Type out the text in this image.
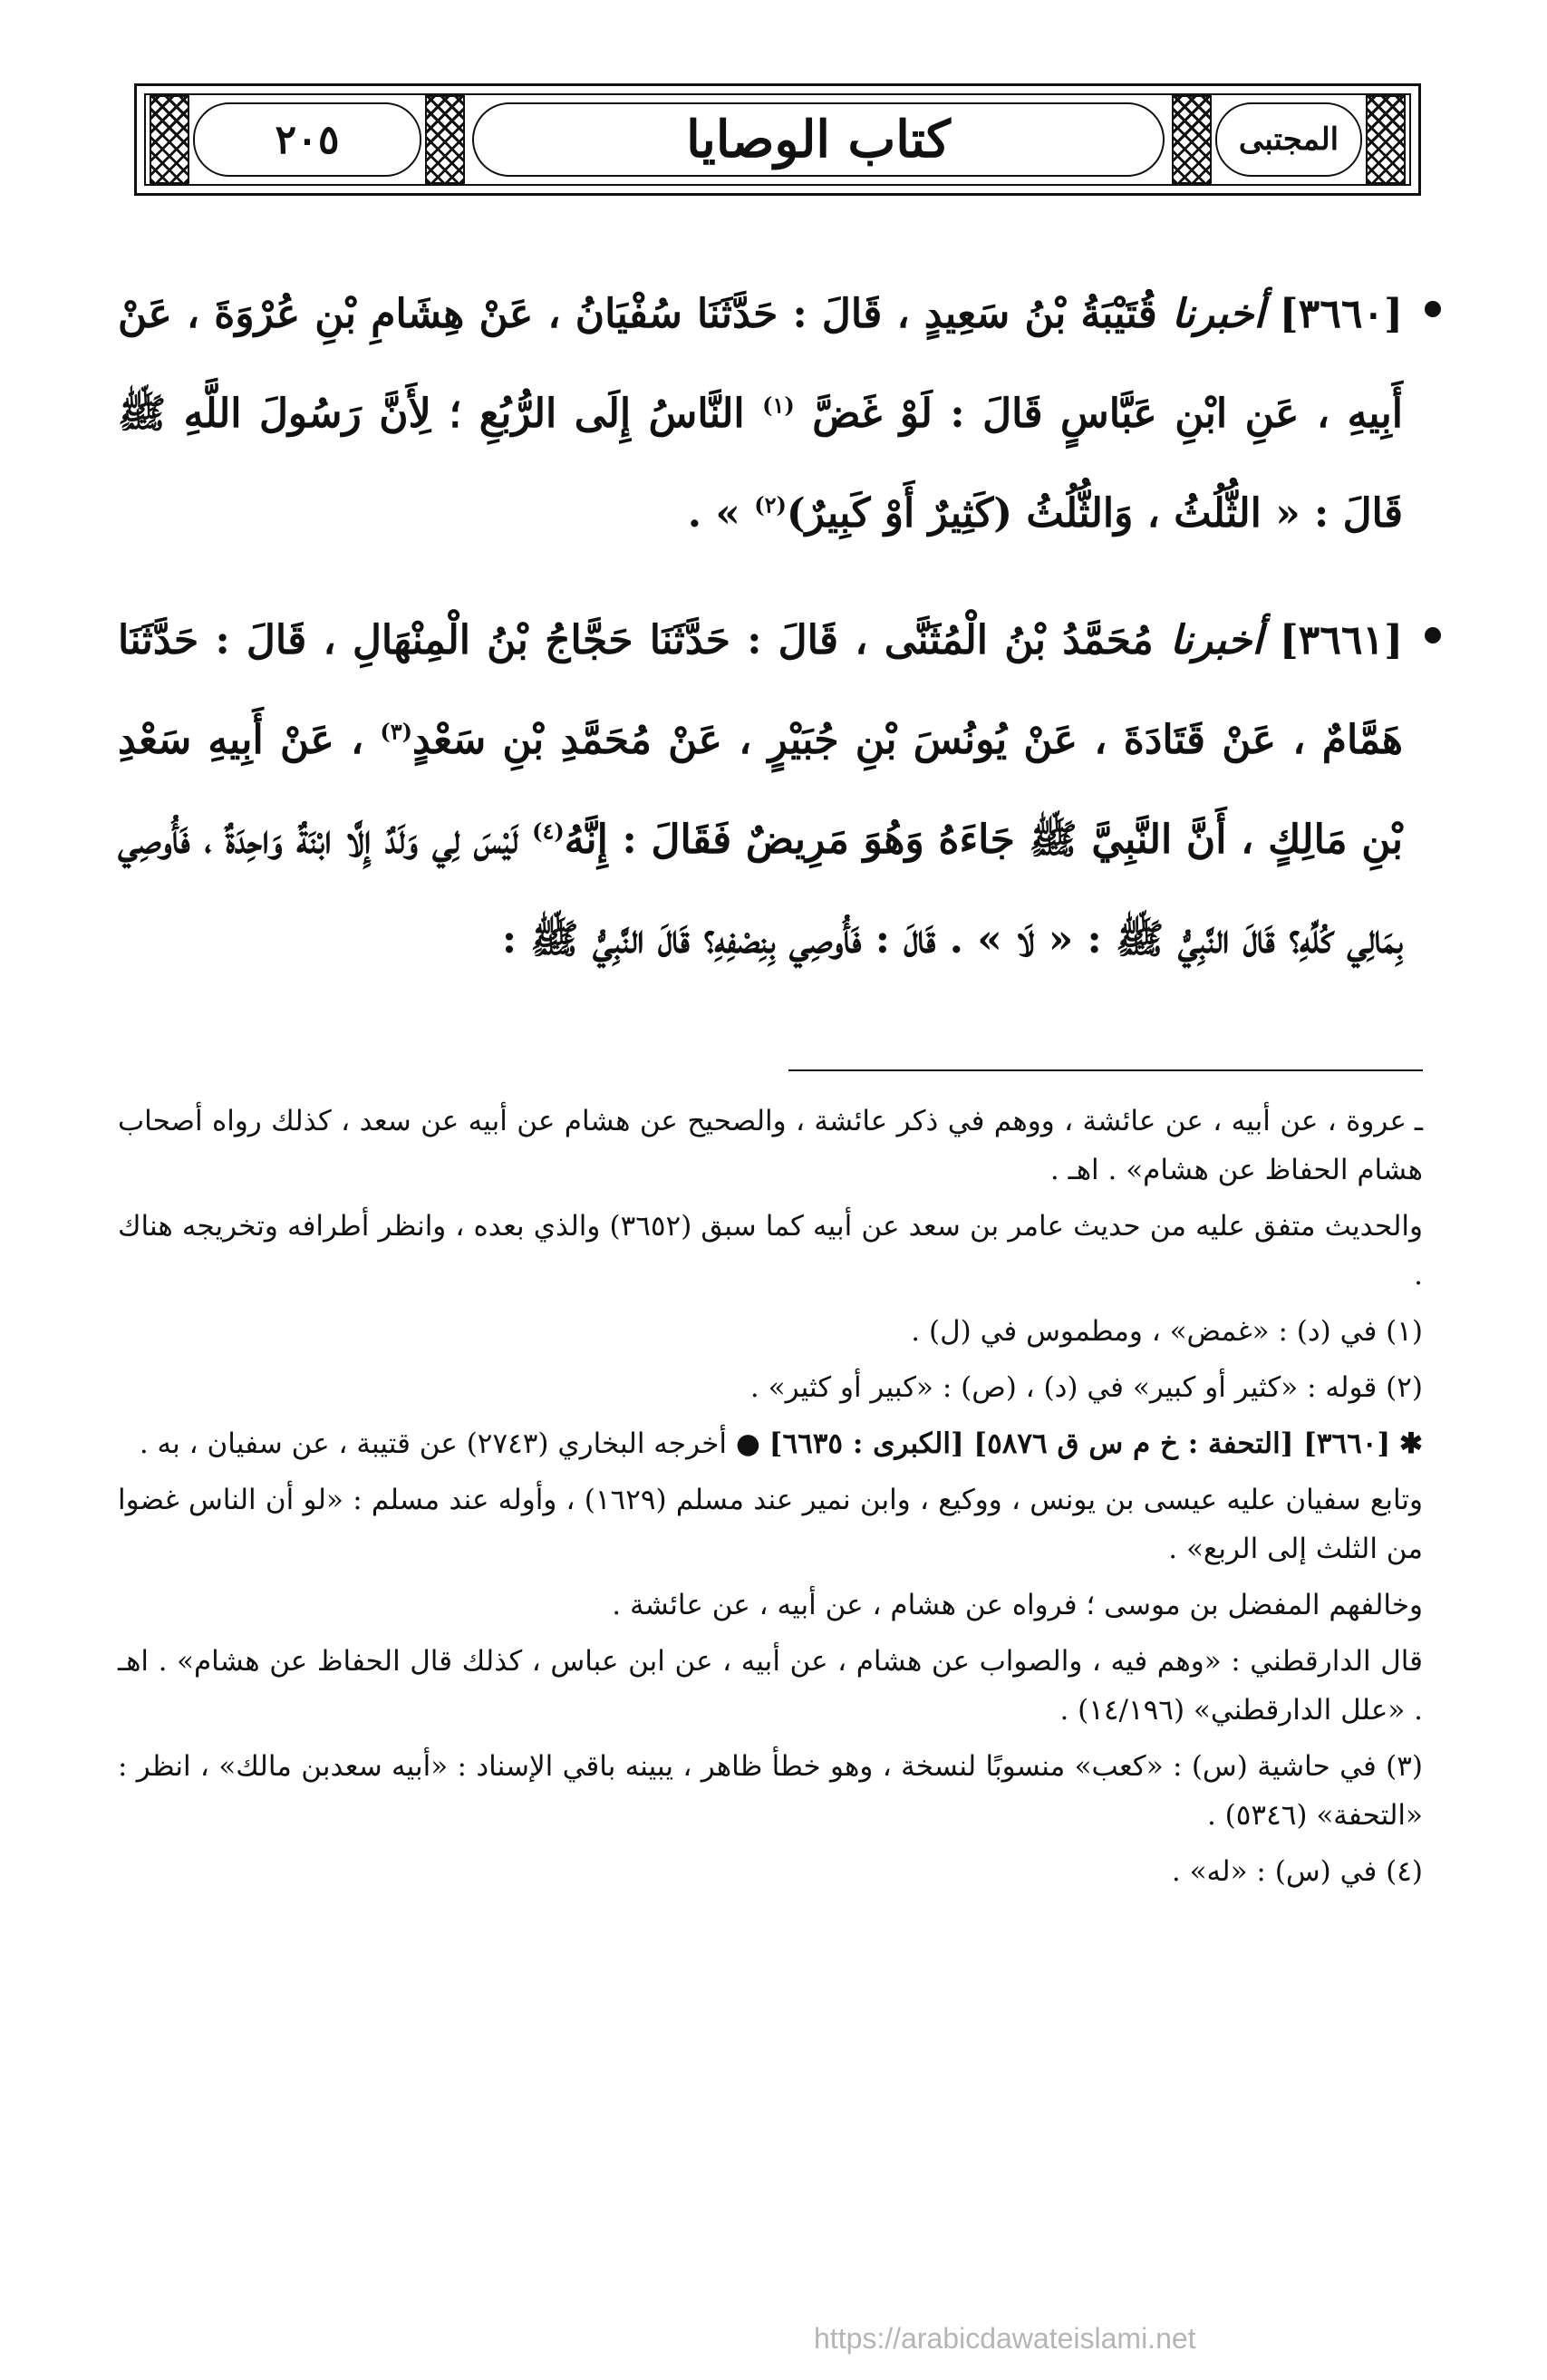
٢٠٥	كتاب الوصايا	المجتبى

[٣٦٦٠] أخبرنا قُتَيْبَةُ بْنُ سَعِيدٍ ، قَالَ : حَدَّثَنَا سُفْيَانُ ، عَنْ هِشَامِ بْنِ عُرْوَةَ ، عَنْ أَبِيهِ ، عَنِ ابْنِ عَبَّاسٍ قَالَ : لَوْ غَضَّ $^{(١)}$ النَّاسُ إِلَى الرُّبُعِ ؛ لِأَنَّ رَسُولَ اللَّهِ ﷺ قَالَ : « الثُّلُثُ ، وَالثُّلُثُ (كَثِيرٌ أَوْ كَبِيرٌ)$^{(٢)}$ » .

[٣٦٦١] أخبرنا مُحَمَّدُ بْنُ الْمُثَنَّى ، قَالَ : حَدَّثَنَا حَجَّاجُ بْنُ الْمِنْهَالِ ، قَالَ : حَدَّثَنَا هَمَّامٌ ، عَنْ قَتَادَةَ ، عَنْ يُونُسَ بْنِ جُبَيْرٍ ، عَنْ مُحَمَّدِ بْنِ سَعْدٍ$^{(٣)}$ ، عَنْ أَبِيهِ سَعْدِ بْنِ مَالِكٍ ، أَنَّ النَّبِيَّ ﷺ جَاءَهُ وَهُوَ مَرِيضٌ فَقَالَ : إِنَّهُ$^{(٤)}$ لَيْسَ لِي وَلَدٌ إِلَّا ابْنَةٌ وَاحِدَةٌ ، فَأُوصِي بِمَالِي كُلِّهِ؟ قَالَ النَّبِيُّ ﷺ : « لَا » . قَالَ : فَأُوصِي بِنِصْفِهِ؟ قَالَ النَّبِيُّ ﷺ :

ـعروة ، عن أبيه ، عن عائشة ، ووهم في ذكر عائشة ، والصحيح عن هشام عن أبيه عن سعد ، كذلك رواه أصحاب هشام الحفاظ عن هشام» . اهـ .

والحديث متفق عليه من حديث عامر بن سعد عن أبيه كما سبق (٣٦٥٢) والذي بعده ، وانظر أطرافه وتخريجه هناك .

(١) في (د) : «غمض» ، ومطموس في (ل) .

(٢) قوله : «كثير أو كبير» في (د) ، (ص) : «كبير أو كثير» .

✱ [٣٦٦٠] [التحفة : خ م س ق ٥٨٧٦] [الكبرى : ٦٦٣٥] ● أخرجه البخاري (٢٧٤٣) عن قتيبة ، عن سفيان ، به .

وتابع سفيان عليه عيسى بن يونس ، ووكيع ، وابن نمير عند مسلم (١٦٢٩) ، وأوله عند مسلم : «لو أن الناس غضوا من الثلث إلى الربع» .

وخالفهم المفضل بن موسى ؛ فرواه عن هشام ، عن أبيه ، عن عائشة .

قال الدارقطني : «وهم فيه ، والصواب عن هشام ، عن أبيه ، عن ابن عباس ، كذلك قال الحفاظ عن هشام» . اهـ . «علل الدارقطني» (١٤/١٩٦) .

(٣) في حاشية (س) : «كعب» منسوبًا لنسخة ، وهو خطأ ظاهر ، يبينه باقي الإسناد : «أبيه سعدبن مالك» ، انظر : «التحفة» (٥٣٤٦) .

(٤) في (س) : «له» .

https://arabicdawateislami.net
